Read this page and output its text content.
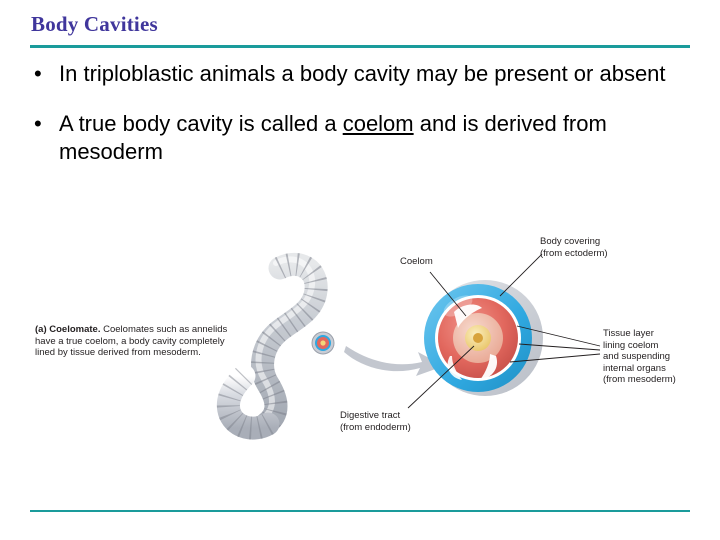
Body Cavities
• In triploblastic animals a body cavity may be present or absent
• A true body cavity is called a coelom and is derived from mesoderm
(a) Coelomate. Coelomates such as annelids have a true coelom, a body cavity completely lined by tissue derived from mesoderm.
Body covering
(from ectoderm)
Coelom
Tissue layer
lining coelom
and suspending
internal organs
(from mesoderm)
Digestive tract
(from endoderm)
